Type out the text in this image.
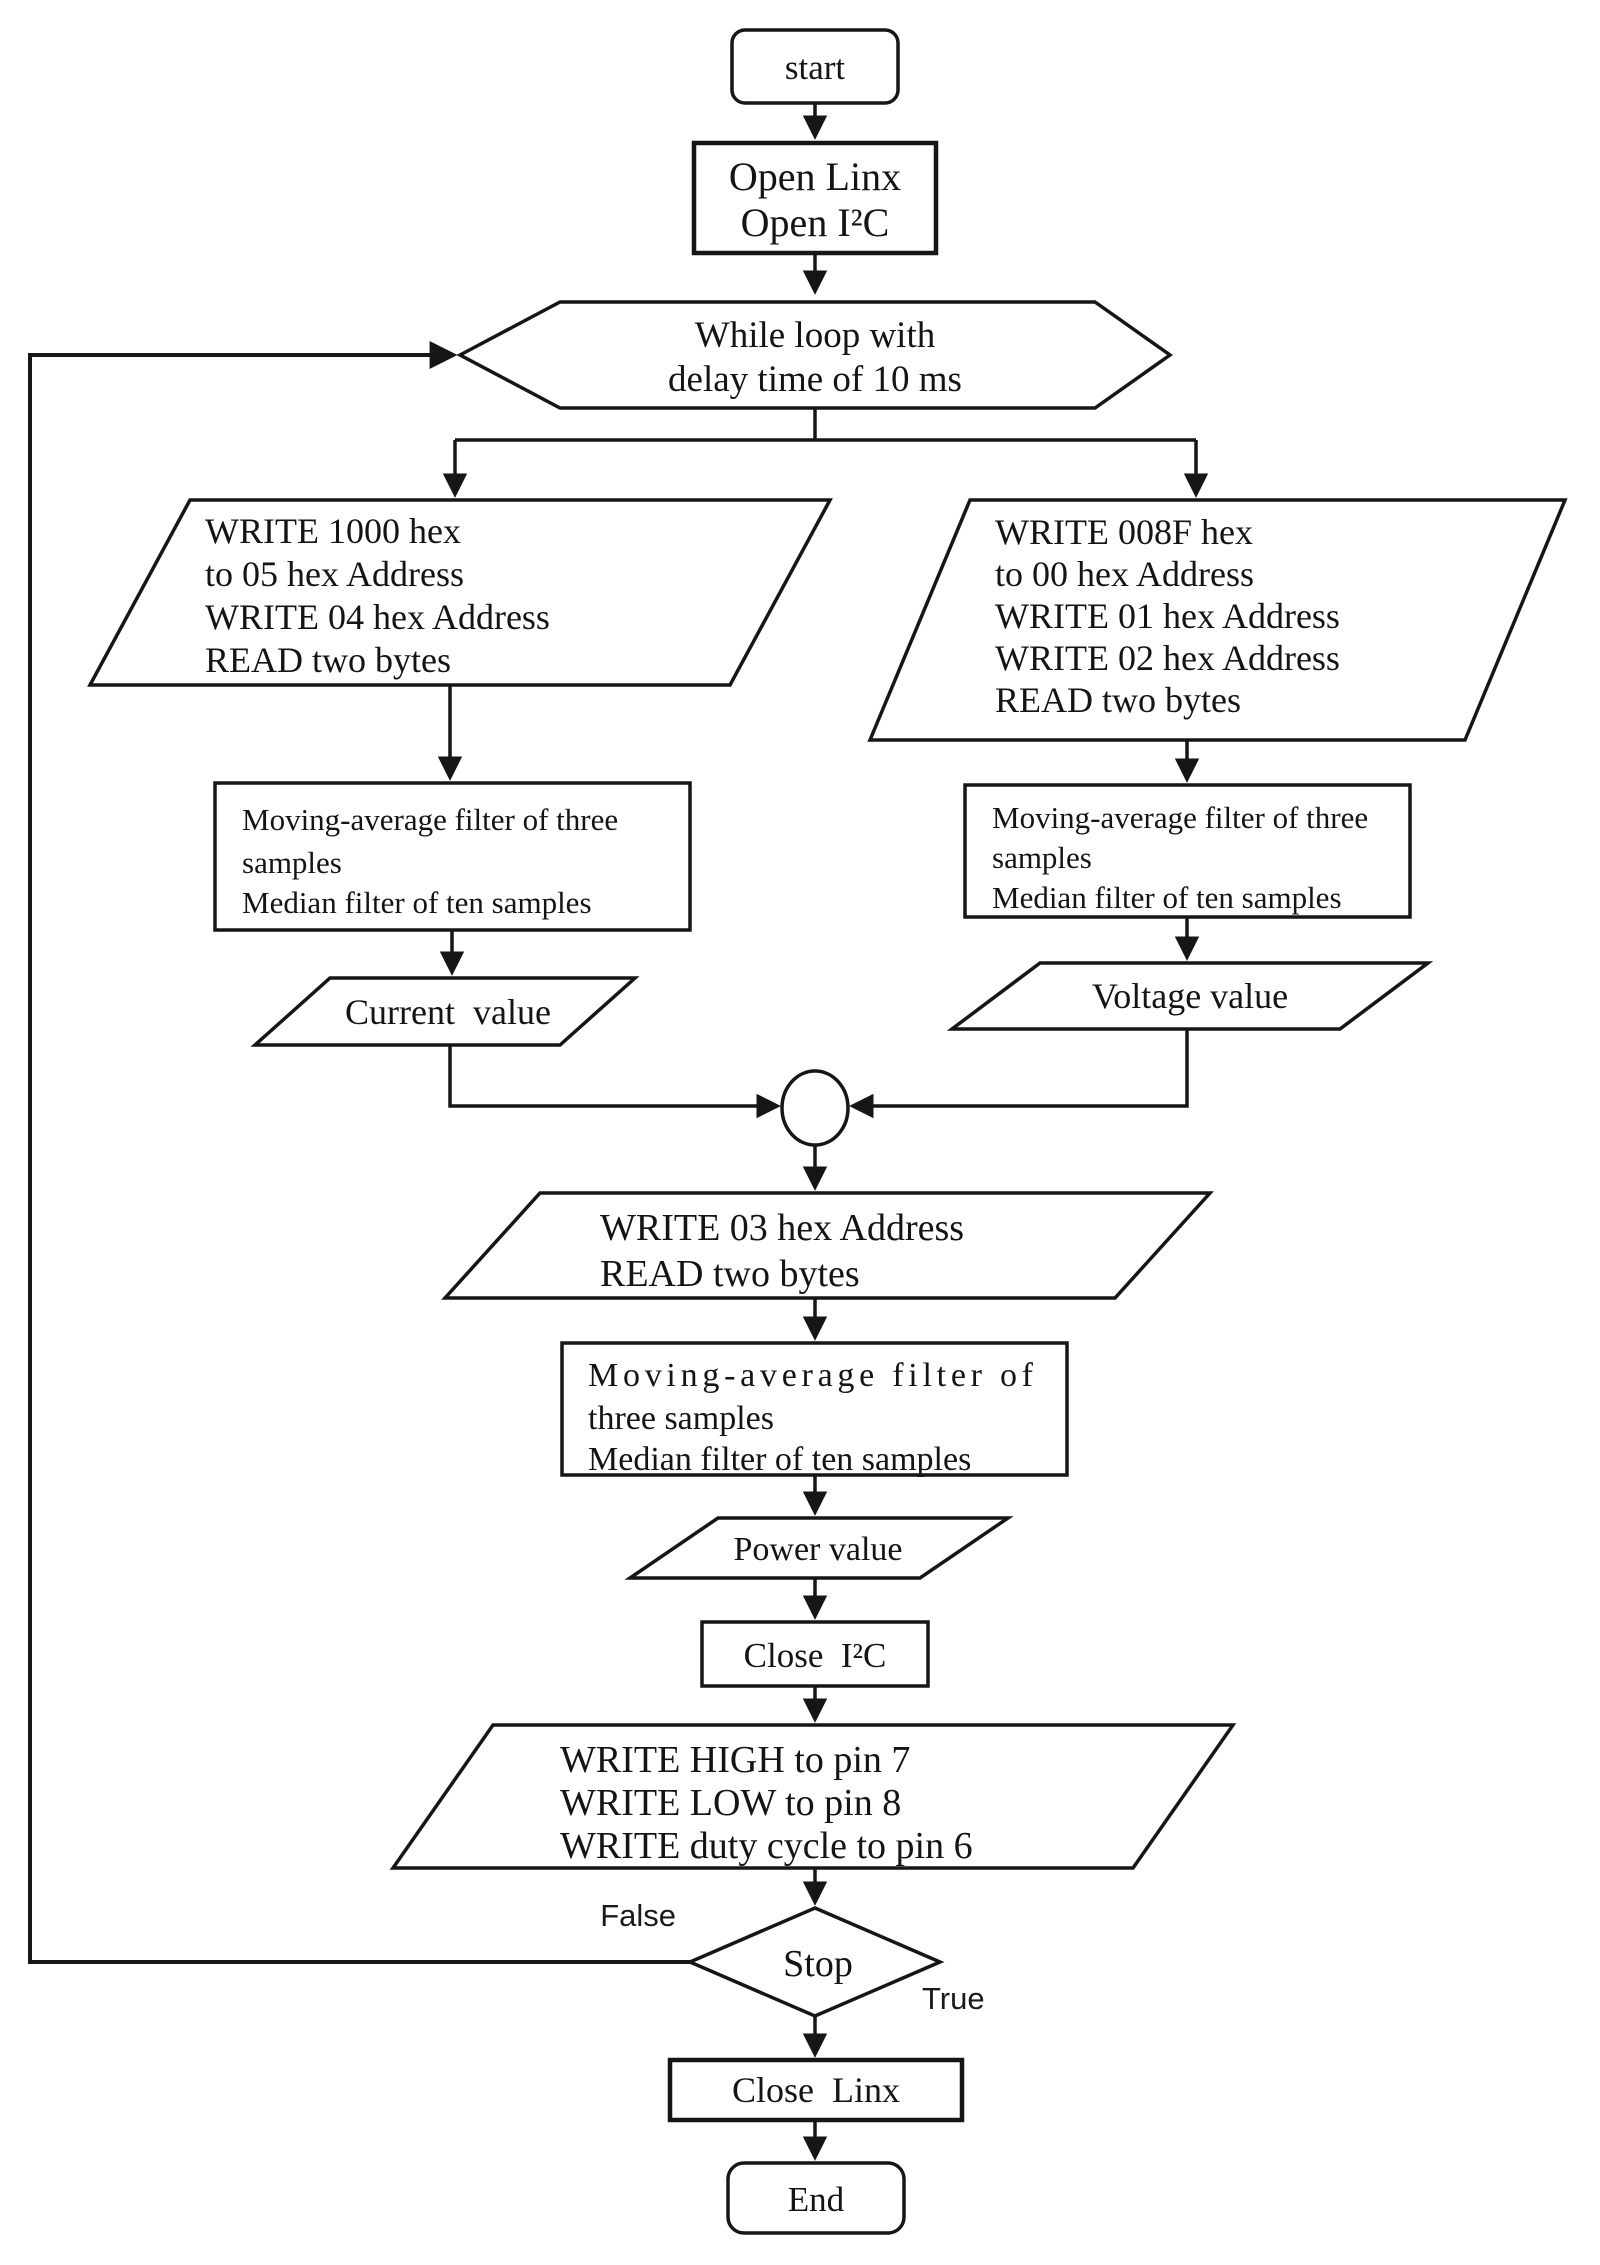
start
Open Linx
Open I²C
While loop with
delay time of 10 ms
WRITE 1000 hex
to 05 hex Address
WRITE 04 hex Address
READ two bytes
WRITE 008F hex
to 00 hex Address
WRITE 01 hex Address
WRITE 02 hex Address
READ two bytes
Moving-average filter of three
samples
Median filter of ten samples
Moving-average filter of three
samples
Median filter of ten samples
Current  value	Voltage value
WRITE 03 hex Address
READ two bytes
Moving-average filter of
three samples
Median filter of ten samples
Power value
Close  I²C
WRITE HIGH to pin 7
WRITE LOW to pin 8
WRITE duty cycle to pin 6
Stop
False
True
Close  Linx
End
